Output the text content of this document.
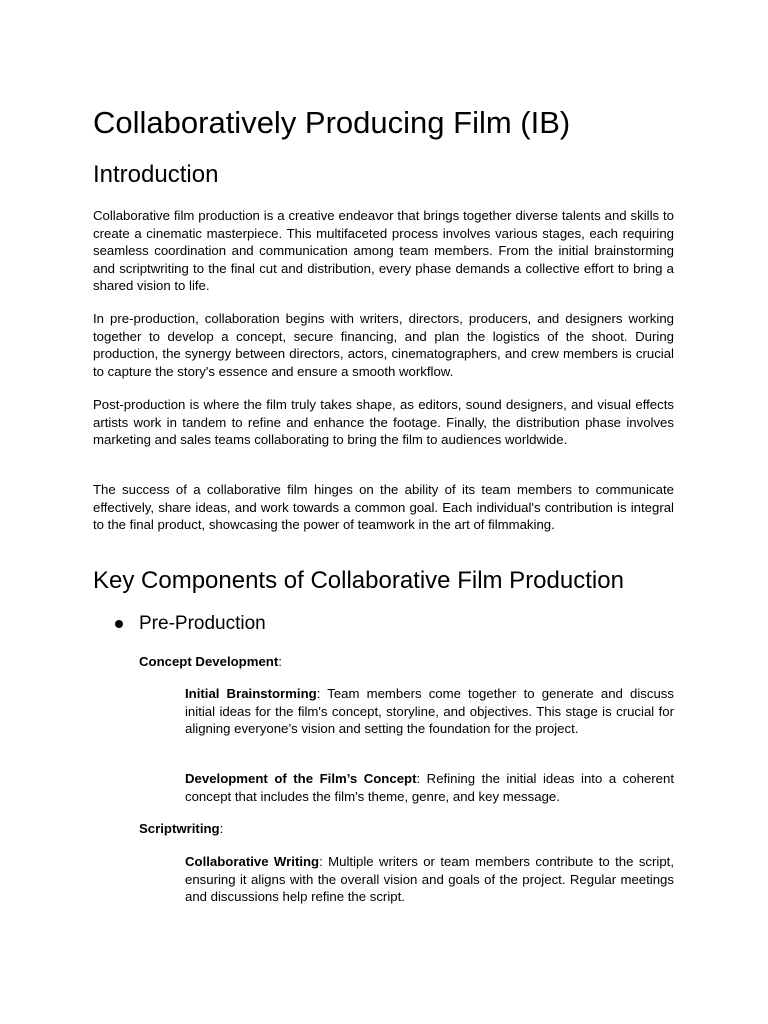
Collaboratively Producing Film (IB)
Introduction

Collaborative film production is a creative endeavor that brings together diverse talents and skills to create a cinematic masterpiece. This multifaceted process involves various stages, each requiring seamless coordination and communication among team members. From the initial brainstorming and scriptwriting to the final cut and distribution, every phase demands a collective effort to bring a shared vision to life.

In pre-production, collaboration begins with writers, directors, producers, and designers working together to develop a concept, secure financing, and plan the logistics of the shoot. During production, the synergy between directors, actors, cinematographers, and crew members is crucial to capture the story's essence and ensure a smooth workflow.

Post-production is where the film truly takes shape, as editors, sound designers, and visual effects artists work in tandem to refine and enhance the footage. Finally, the distribution phase involves marketing and sales teams collaborating to bring the film to audiences worldwide.

The success of a collaborative film hinges on the ability of its team members to communicate effectively, share ideas, and work towards a common goal. Each individual's contribution is integral to the final product, showcasing the power of teamwork in the art of filmmaking.

Key Components of Collaborative Film Production
Pre-Production

Concept Development:

Initial Brainstorming: Team members come together to generate and discuss initial ideas for the film's concept, storyline, and objectives. This stage is crucial for aligning everyone’s vision and setting the foundation for the project.

Development of the Film’s Concept: Refining the initial ideas into a coherent concept that includes the film's theme, genre, and key message.

Scriptwriting:

Collaborative Writing: Multiple writers or team members contribute to the script, ensuring it aligns with the overall vision and goals of the project. Regular meetings and discussions help refine the script.
